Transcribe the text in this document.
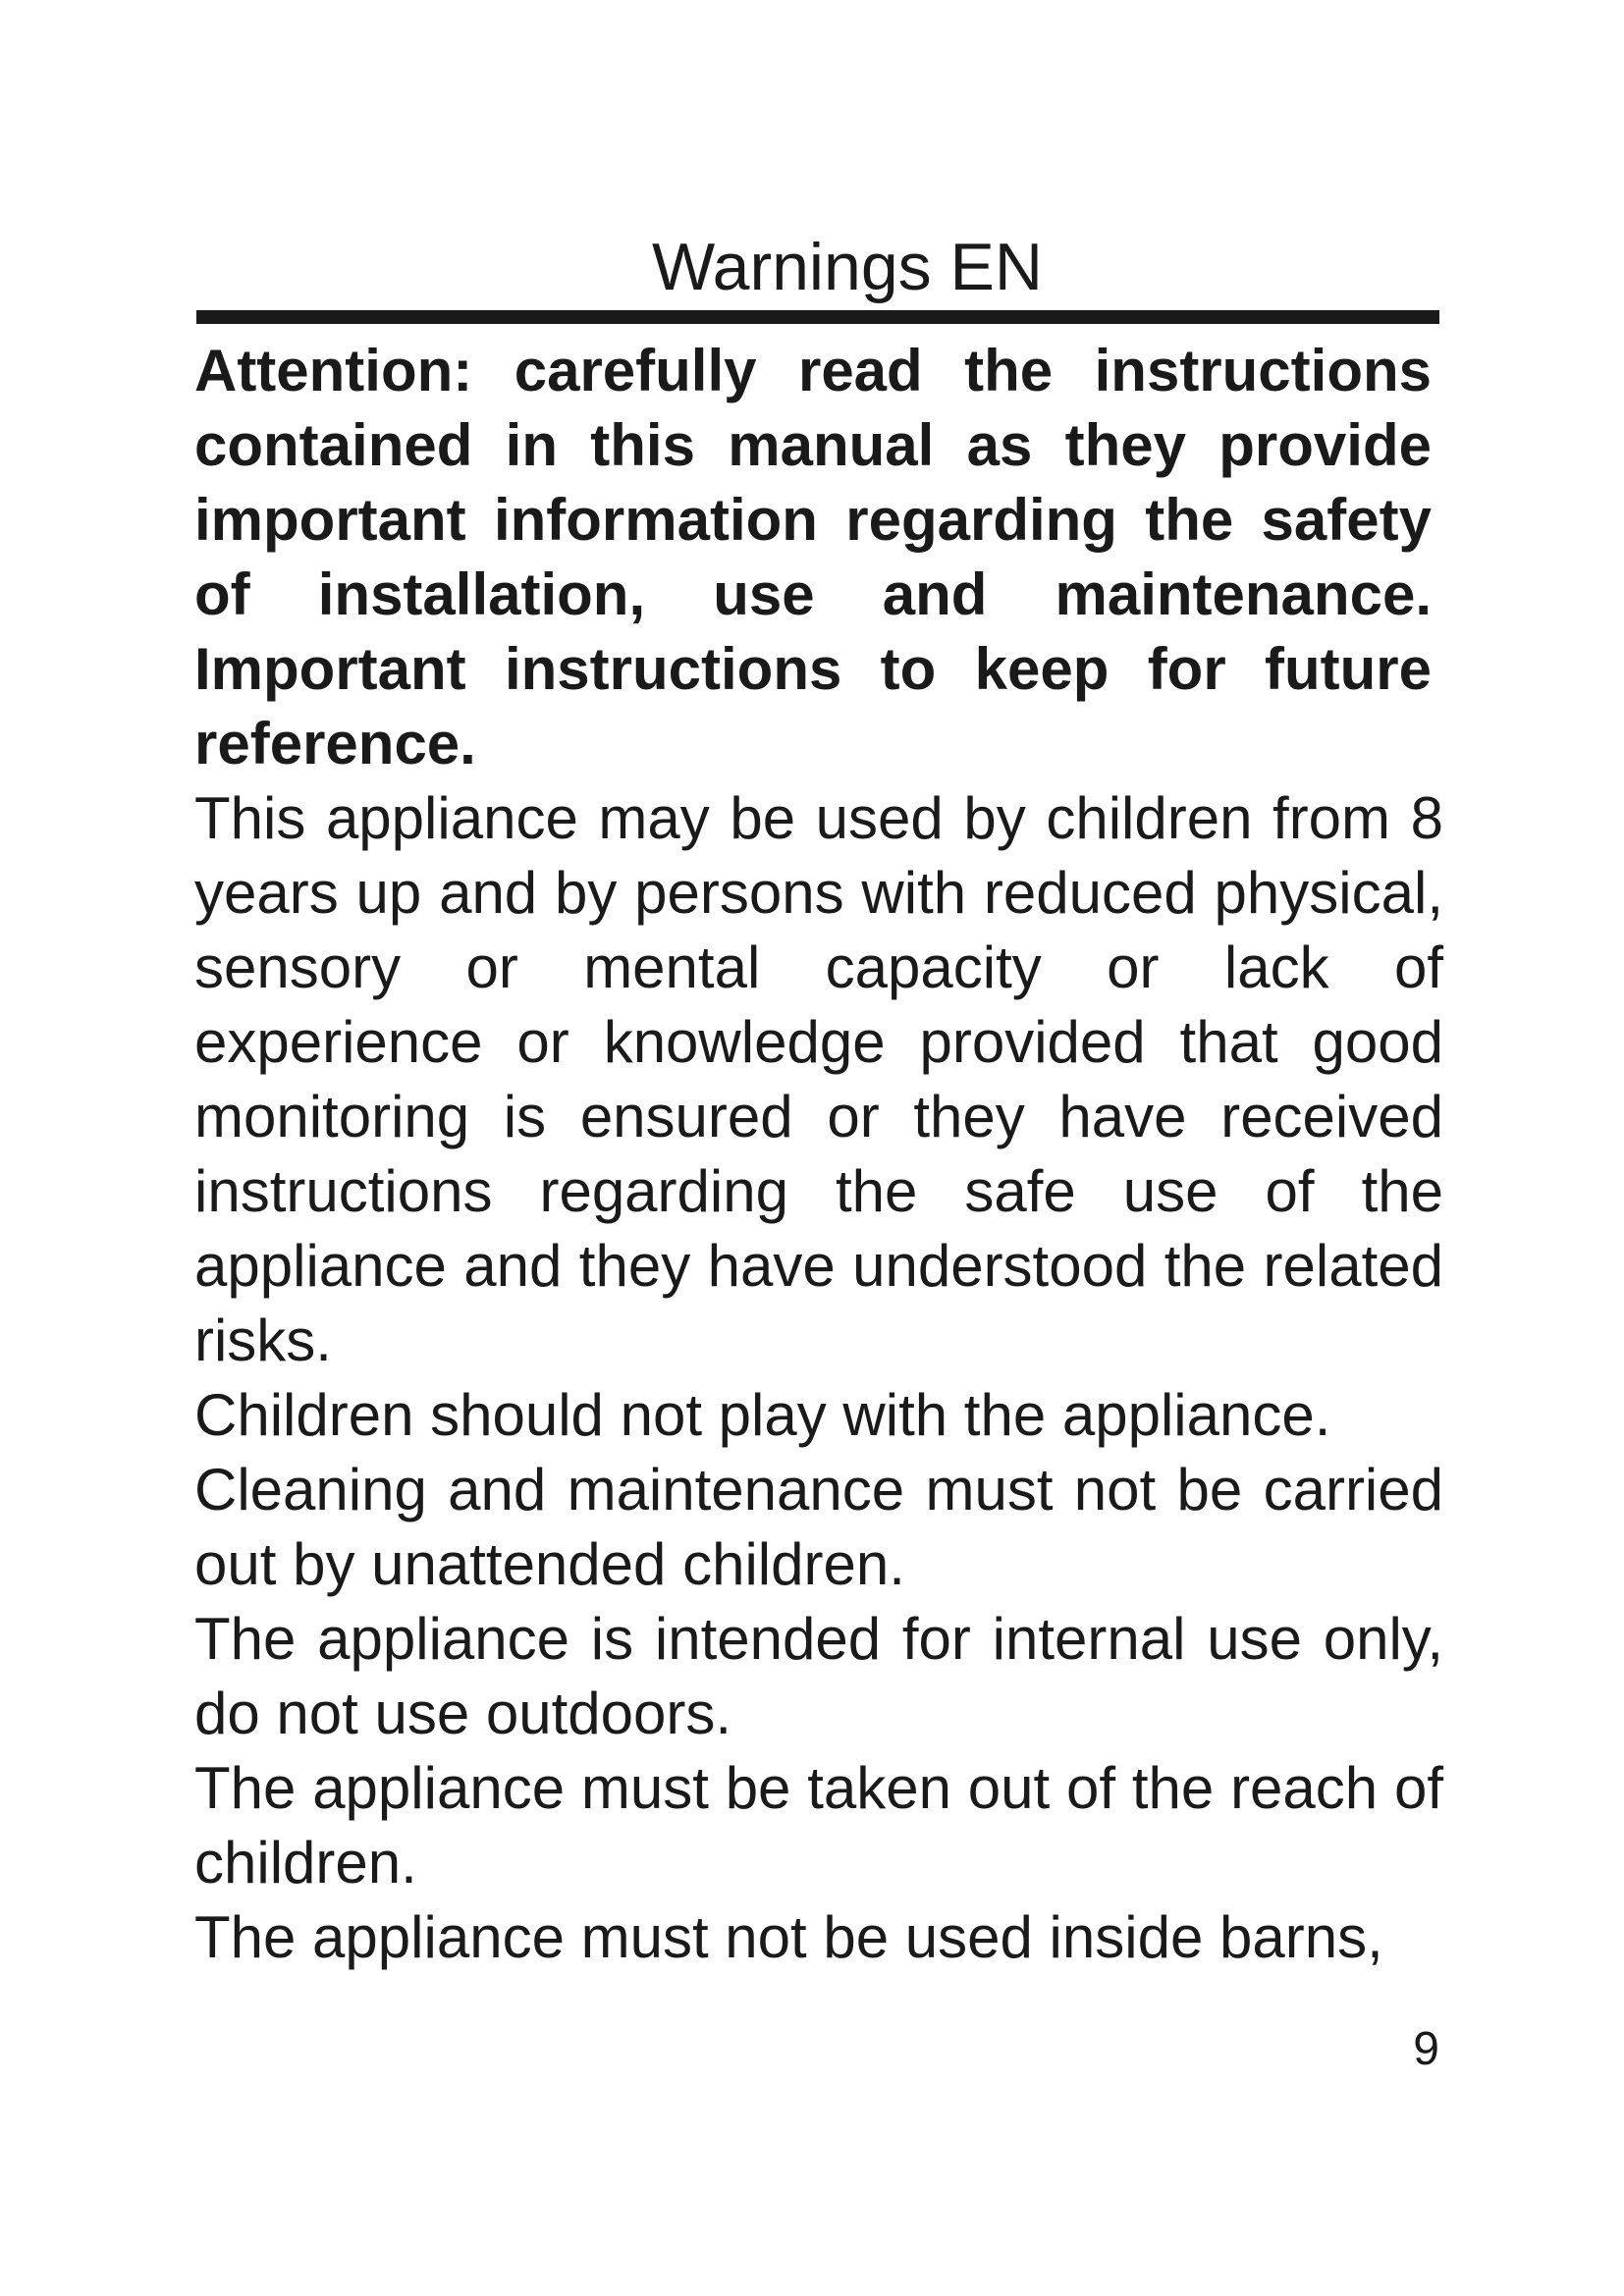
Warnings EN

Attention: carefully read the instructions contained in this manual as they provide important information regarding the safety of installation, use and maintenance. Important instructions to keep for future reference.

This appliance may be used by children from 8 years up and by persons with reduced physical, sensory or mental capacity or lack of experience or knowledge provided that good monitoring is ensured or they have received instructions regarding the safe use of the appliance and they have understood the related risks.

Children should not play with the appliance.

Cleaning and maintenance must not be carried out by unattended children.

The appliance is intended for internal use only, do not use outdoors.

The appliance must be taken out of the reach of children.

The appliance must not be used inside barns,

9
